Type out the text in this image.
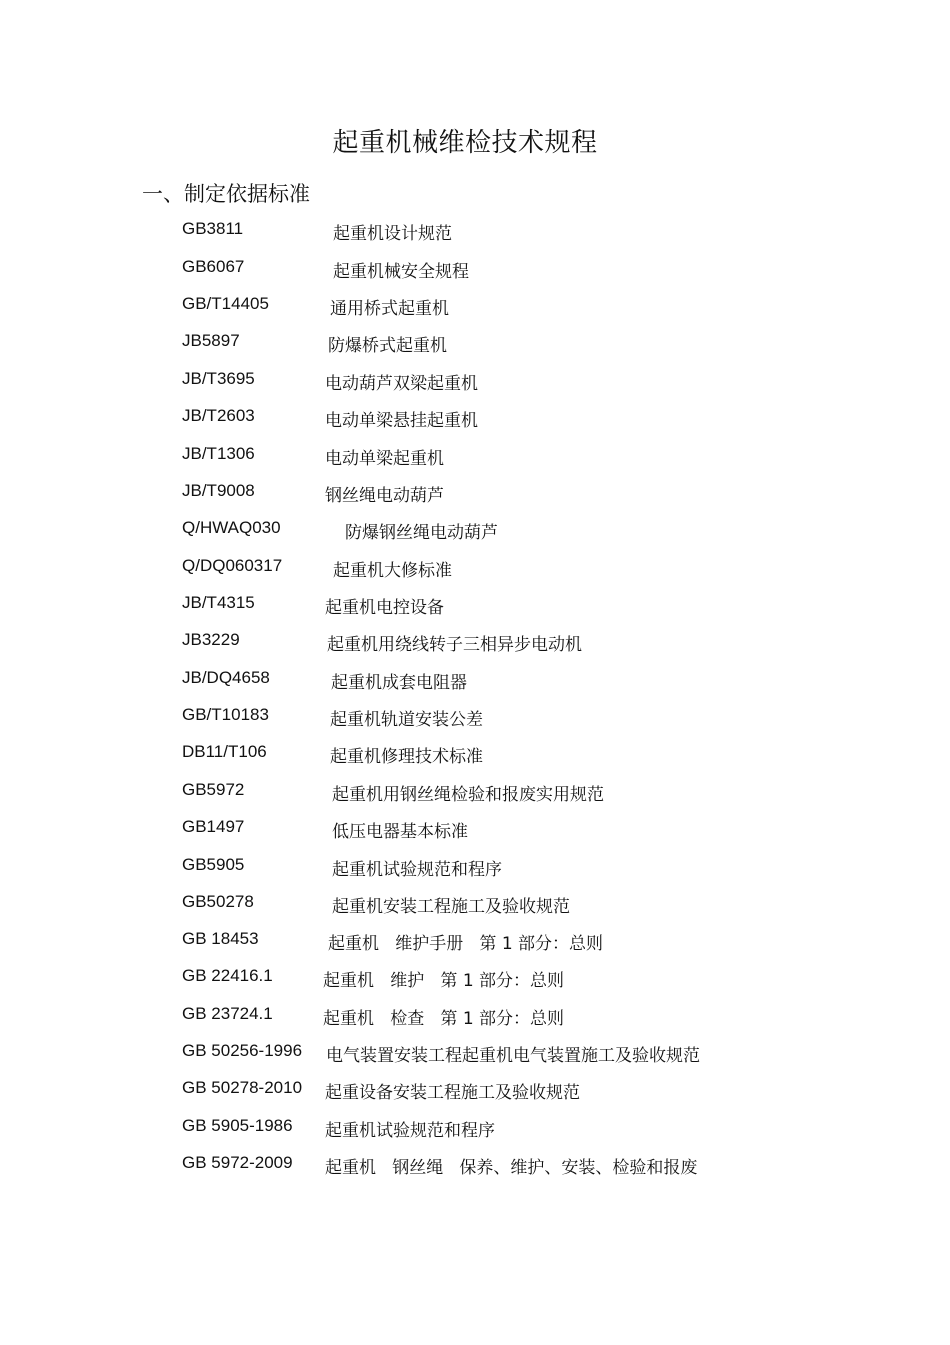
起重机械维检技术规程
一、制定依据标准
GB3811	起重机设计规范
GB6067	起重机械安全规程
GB/T14405	通用桥式起重机
JB5897	防爆桥式起重机
JB/T3695	电动葫芦双梁起重机
JB/T2603	电动单梁悬挂起重机
JB/T1306	电动单梁起重机
JB/T9008	钢丝绳电动葫芦
Q/HWAQ030	防爆钢丝绳电动葫芦
Q/DQ060317	起重机大修标准
JB/T4315	起重机电控设备
JB3229	起重机用绕线转子三相异步电动机
JB/DQ4658	起重机成套电阻器
GB/T10183	起重机轨道安装公差
DB11/T106	起重机修理技术标准
GB5972	起重机用钢丝绳检验和报废实用规范
GB1497	低压电器基本标准
GB5905	起重机试验规范和程序
GB50278	起重机安装工程施工及验收规范
GB 18453	起重机   维护手册   第 1 部分：总则
GB 22416.1	起重机   维护   第 1 部分：总则
GB 23724.1	起重机   检查   第 1 部分：总则
GB 50256-1996 电气装置安装工程起重机电气装置施工及验收规范
GB 50278-2010 起重设备安装工程施工及验收规范
GB 5905-1986 起重机试验规范和程序
GB 5972-2009 起重机   钢丝绳   保养、维护、安装、检验和报废
